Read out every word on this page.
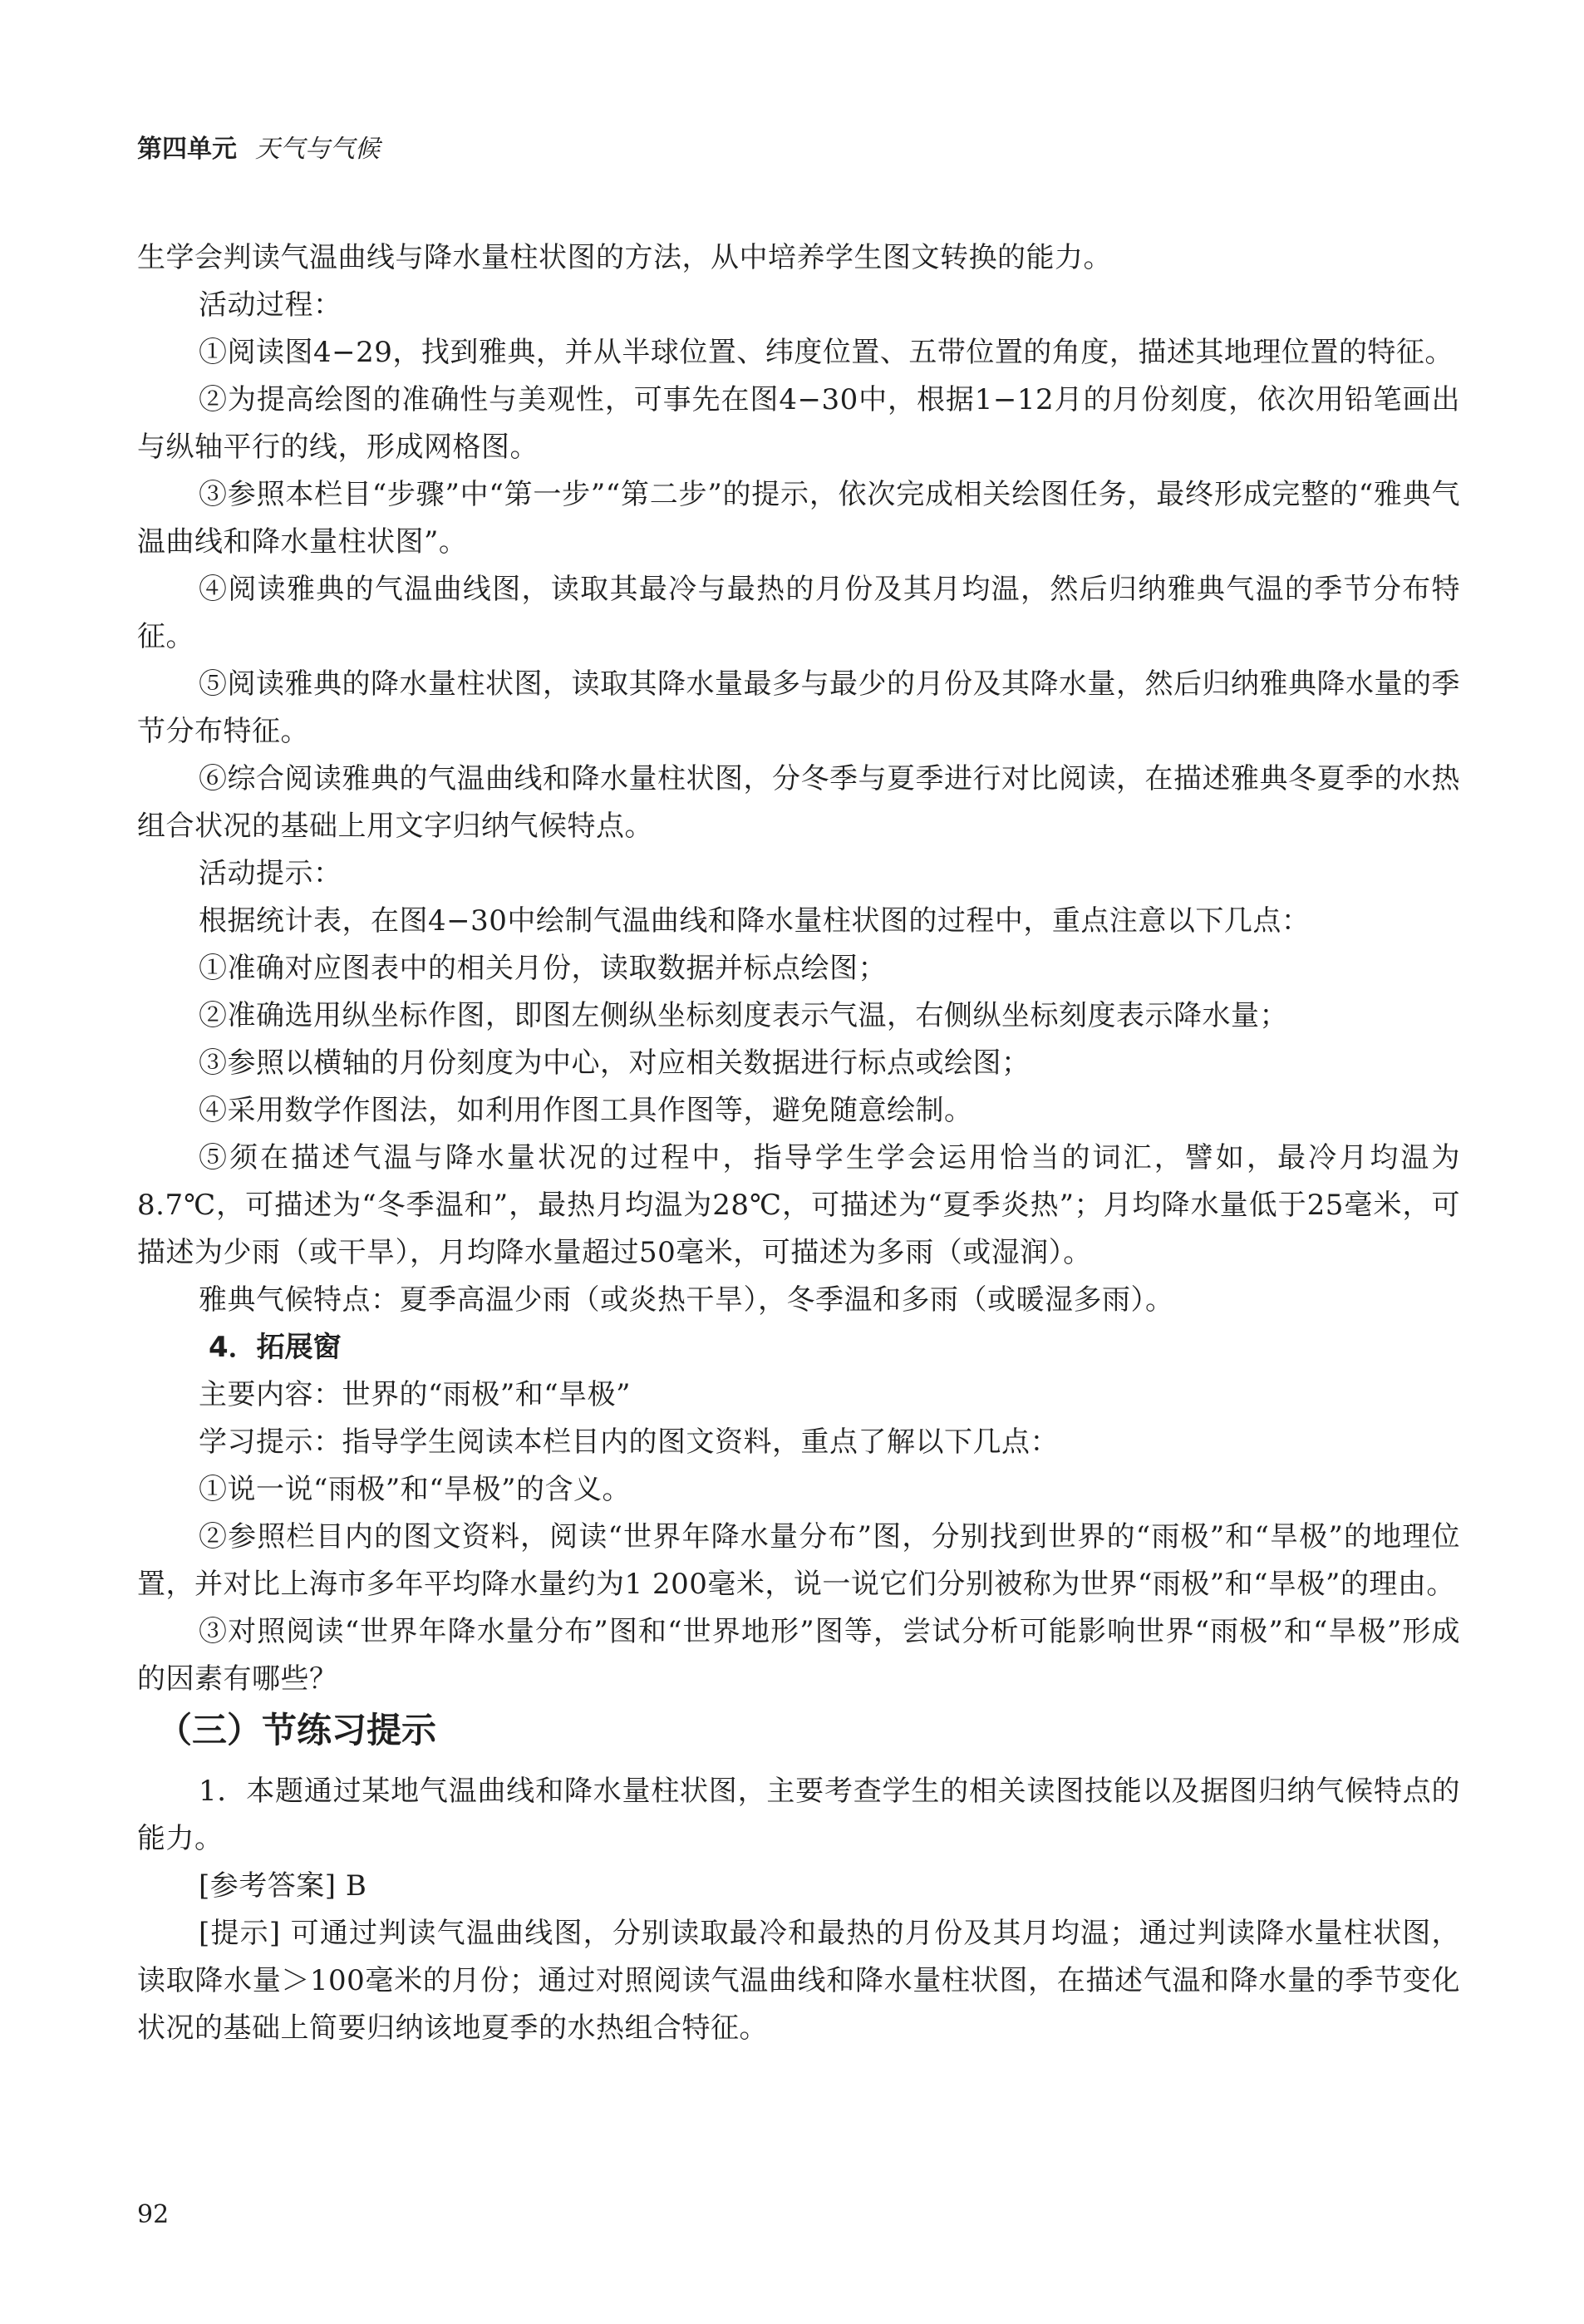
第四单元 天气与气候

生学会判读气温曲线与降水量柱状图的方法，从中培养学生图文转换的能力。

活动过程：

①阅读图4−29，找到雅典，并从半球位置、纬度位置、五带位置的角度，描述其地理位置的特征。

②为提高绘图的准确性与美观性，可事先在图4−30中，根据1−12月的月份刻度，依次用铅笔画出与纵轴平行的线，形成网格图。

③参照本栏目“步骤”中“第一步”“第二步”的提示，依次完成相关绘图任务，最终形成完整的“雅典气温曲线和降水量柱状图”。

④阅读雅典的气温曲线图，读取其最冷与最热的月份及其月均温，然后归纳雅典气温的季节分布特征。

⑤阅读雅典的降水量柱状图，读取其降水量最多与最少的月份及其降水量，然后归纳雅典降水量的季节分布特征。

⑥综合阅读雅典的气温曲线和降水量柱状图，分冬季与夏季进行对比阅读，在描述雅典冬夏季的水热组合状况的基础上用文字归纳气候特点。

活动提示：

根据统计表，在图4−30中绘制气温曲线和降水量柱状图的过程中，重点注意以下几点：

①准确对应图表中的相关月份，读取数据并标点绘图；

②准确选用纵坐标作图，即图左侧纵坐标刻度表示气温，右侧纵坐标刻度表示降水量；

③参照以横轴的月份刻度为中心，对应相关数据进行标点或绘图；

④采用数学作图法，如利用作图工具作图等，避免随意绘制。

⑤须在描述气温与降水量状况的过程中，指导学生学会运用恰当的词汇，譬如，最冷月均温为8.7℃，可描述为“冬季温和”，最热月均温为28℃，可描述为“夏季炎热”；月均降水量低于25毫米，可描述为少雨（或干旱），月均降水量超过50毫米，可描述为多雨（或湿润）。

雅典气候特点：夏季高温少雨（或炎热干旱），冬季温和多雨（或暖湿多雨）。

4．拓展窗

主要内容：世界的“雨极”和“旱极”

学习提示：指导学生阅读本栏目内的图文资料，重点了解以下几点：

①说一说“雨极”和“旱极”的含义。

②参照栏目内的图文资料，阅读“世界年降水量分布”图，分别找到世界的“雨极”和“旱极”的地理位置，并对比上海市多年平均降水量约为1 200毫米，说一说它们分别被称为世界“雨极”和“旱极”的理由。

③对照阅读“世界年降水量分布”图和“世界地形”图等，尝试分析可能影响世界“雨极”和“旱极”形成的因素有哪些？

（三）节练习提示

1．本题通过某地气温曲线和降水量柱状图，主要考查学生的相关读图技能以及据图归纳气候特点的能力。

[参考答案] B

[提示] 可通过判读气温曲线图，分别读取最冷和最热的月份及其月均温；通过判读降水量柱状图，读取降水量＞100毫米的月份；通过对照阅读气温曲线和降水量柱状图，在描述气温和降水量的季节变化状况的基础上简要归纳该地夏季的水热组合特征。

92
